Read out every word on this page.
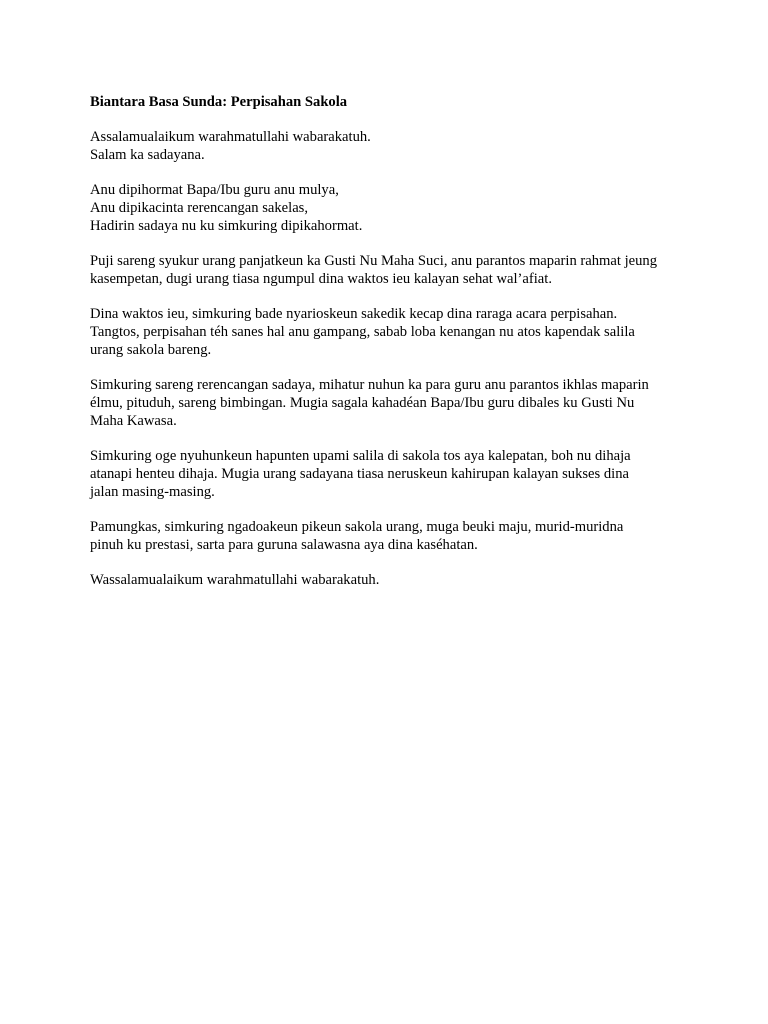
Biantara Basa Sunda: Perpisahan Sakola
Assalamualaikum warahmatullahi wabarakatuh.
Salam ka sadayana.
Anu dipihormat Bapa/Ibu guru anu mulya,
Anu dipikacinta rerencangan sakelas,
Hadirin sadaya nu ku simkuring dipikahormat.
Puji sareng syukur urang panjatkeun ka Gusti Nu Maha Suci, anu parantos maparin rahmat jeung
kasempetan, dugi urang tiasa ngumpul dina waktos ieu kalayan sehat wal’afiat.
Dina waktos ieu, simkuring bade nyarioskeun sakedik kecap dina raraga acara perpisahan.
Tangtos, perpisahan téh sanes hal anu gampang, sabab loba kenangan nu atos kapendak salila
urang sakola bareng.
Simkuring sareng rerencangan sadaya, mihatur nuhun ka para guru anu parantos ikhlas maparin
élmu, pituduh, sareng bimbingan. Mugia sagala kahadéan Bapa/Ibu guru dibales ku Gusti Nu
Maha Kawasa.
Simkuring oge nyuhunkeun hapunten upami salila di sakola tos aya kalepatan, boh nu dihaja
atanapi henteu dihaja. Mugia urang sadayana tiasa neruskeun kahirupan kalayan sukses dina
jalan masing-masing.
Pamungkas, simkuring ngadoakeun pikeun sakola urang, muga beuki maju, murid-muridna
pinuh ku prestasi, sarta para guruna salawasna aya dina kaséhatan.
Wassalamualaikum warahmatullahi wabarakatuh.
